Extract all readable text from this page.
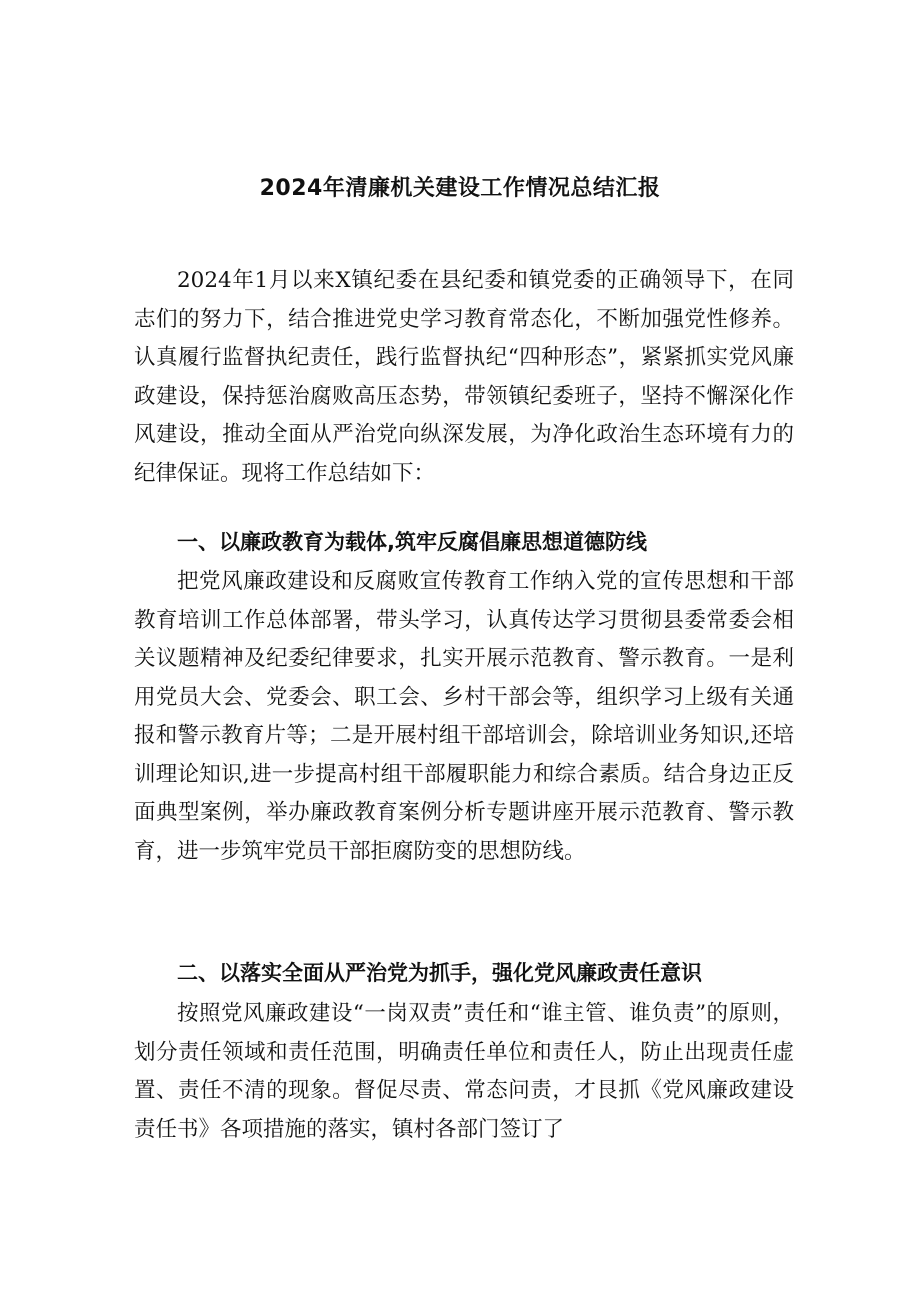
2024年清廉机关建设工作情况总结汇报

2024年1月以来X镇纪委在县纪委和镇党委的正确领导下，在同志们的努力下，结合推进党史学习教育常态化，不断加强党性修养。认真履行监督执纪责任，践行监督执纪“四种形态”，紧紧抓实党风廉政建设，保持惩治腐败高压态势，带领镇纪委班子，坚持不懈深化作风建设，推动全面从严治党向纵深发展，为净化政治生态环境有力的纪律保证。现将工作总结如下：

一、以廉政教育为载体,筑牢反腐倡廉思想道德防线

把党风廉政建设和反腐败宣传教育工作纳入党的宣传思想和干部教育培训工作总体部署，带头学习，认真传达学习贯彻县委常委会相关议题精神及纪委纪律要求，扎实开展示范教育、警示教育。一是利用党员大会、党委会、职工会、乡村干部会等，组织学习上级有关通报和警示教育片等；二是开展村组干部培训会，除培训业务知识,还培训理论知识,进一步提高村组干部履职能力和综合素质。结合身边正反面典型案例，举办廉政教育案例分析专题讲座开展示范教育、警示教育，进一步筑牢党员干部拒腐防变的思想防线。

二、以落实全面从严治党为抓手，强化党风廉政责任意识

按照党风廉政建设“一岗双责”责任和“谁主管、谁负责”的原则，划分责任领域和责任范围，明确责任单位和责任人，防止出现责任虚置、责任不清的现象。督促尽责、常态问责，才艮抓《党风廉政建设责任书》各项措施的落实，镇村各部门签订了
